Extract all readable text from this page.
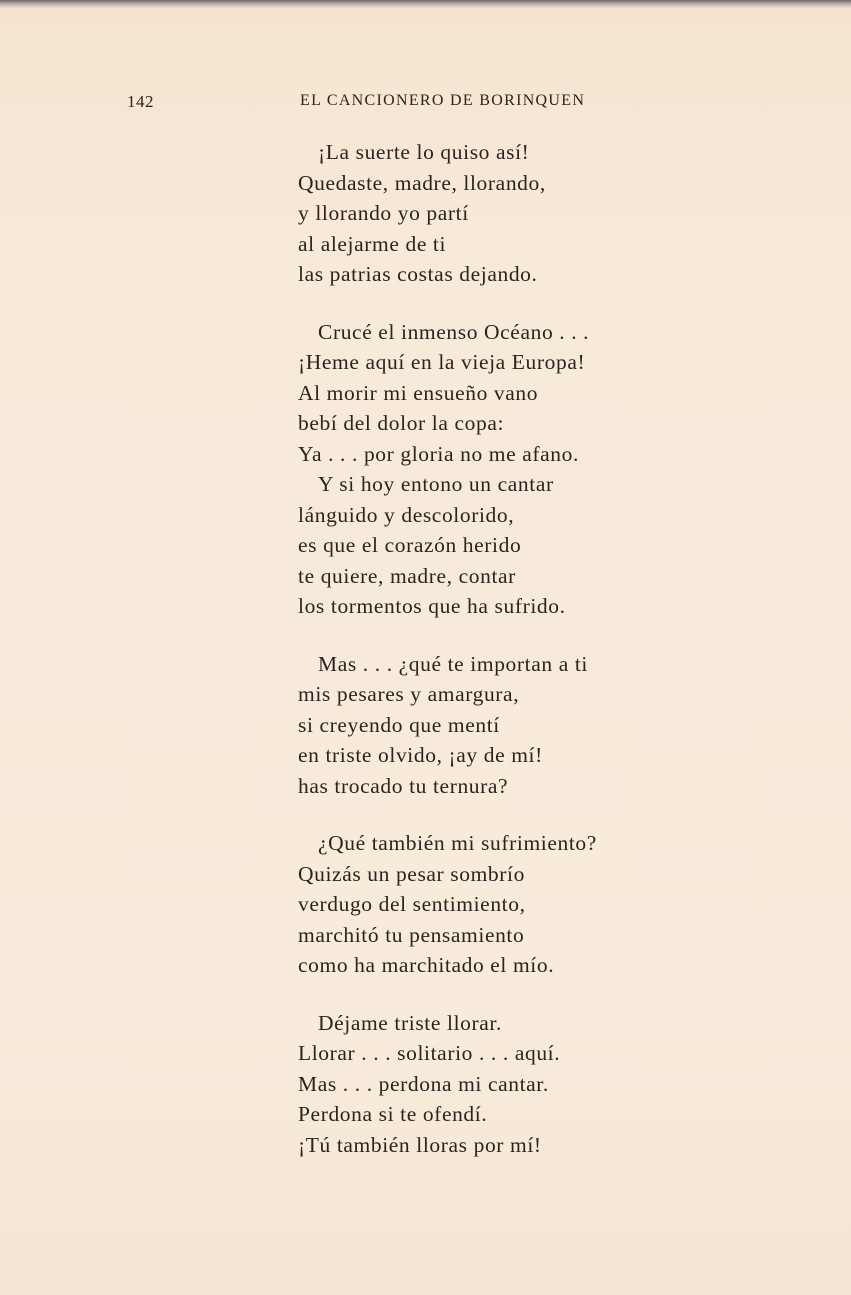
142	EL CANCIONERO DE BORINQUEN
¡La suerte lo quiso así!
Quedaste, madre, llorando,
y llorando yo partí
al alejarme de ti
las patrias costas dejando.
Crucé el inmenso Océano . . .
¡Heme aquí en la vieja Europa!
Al morir mi ensueño vano
bebí del dolor la copa:
Ya . . . por gloria no me afano.
Y si hoy entono un cantar
lánguido y descolorido,
es que el corazón herido
te quiere, madre, contar
los tormentos que ha sufrido.
Mas . . . ¿qué te importan a ti
mis pesares y amargura,
si creyendo que mentí
en triste olvido, ¡ay de mí!
has trocado tu ternura?
¿Qué también mi sufrimiento?
Quizás un pesar sombrío
verdugo del sentimiento,
marchitó tu pensamiento
como ha marchitado el mío.
Déjame triste llorar.
Llorar . . . solitario . . . aquí.
Mas . . . perdona mi cantar.
Perdona si te ofendí.
¡Tú también lloras por mí!
